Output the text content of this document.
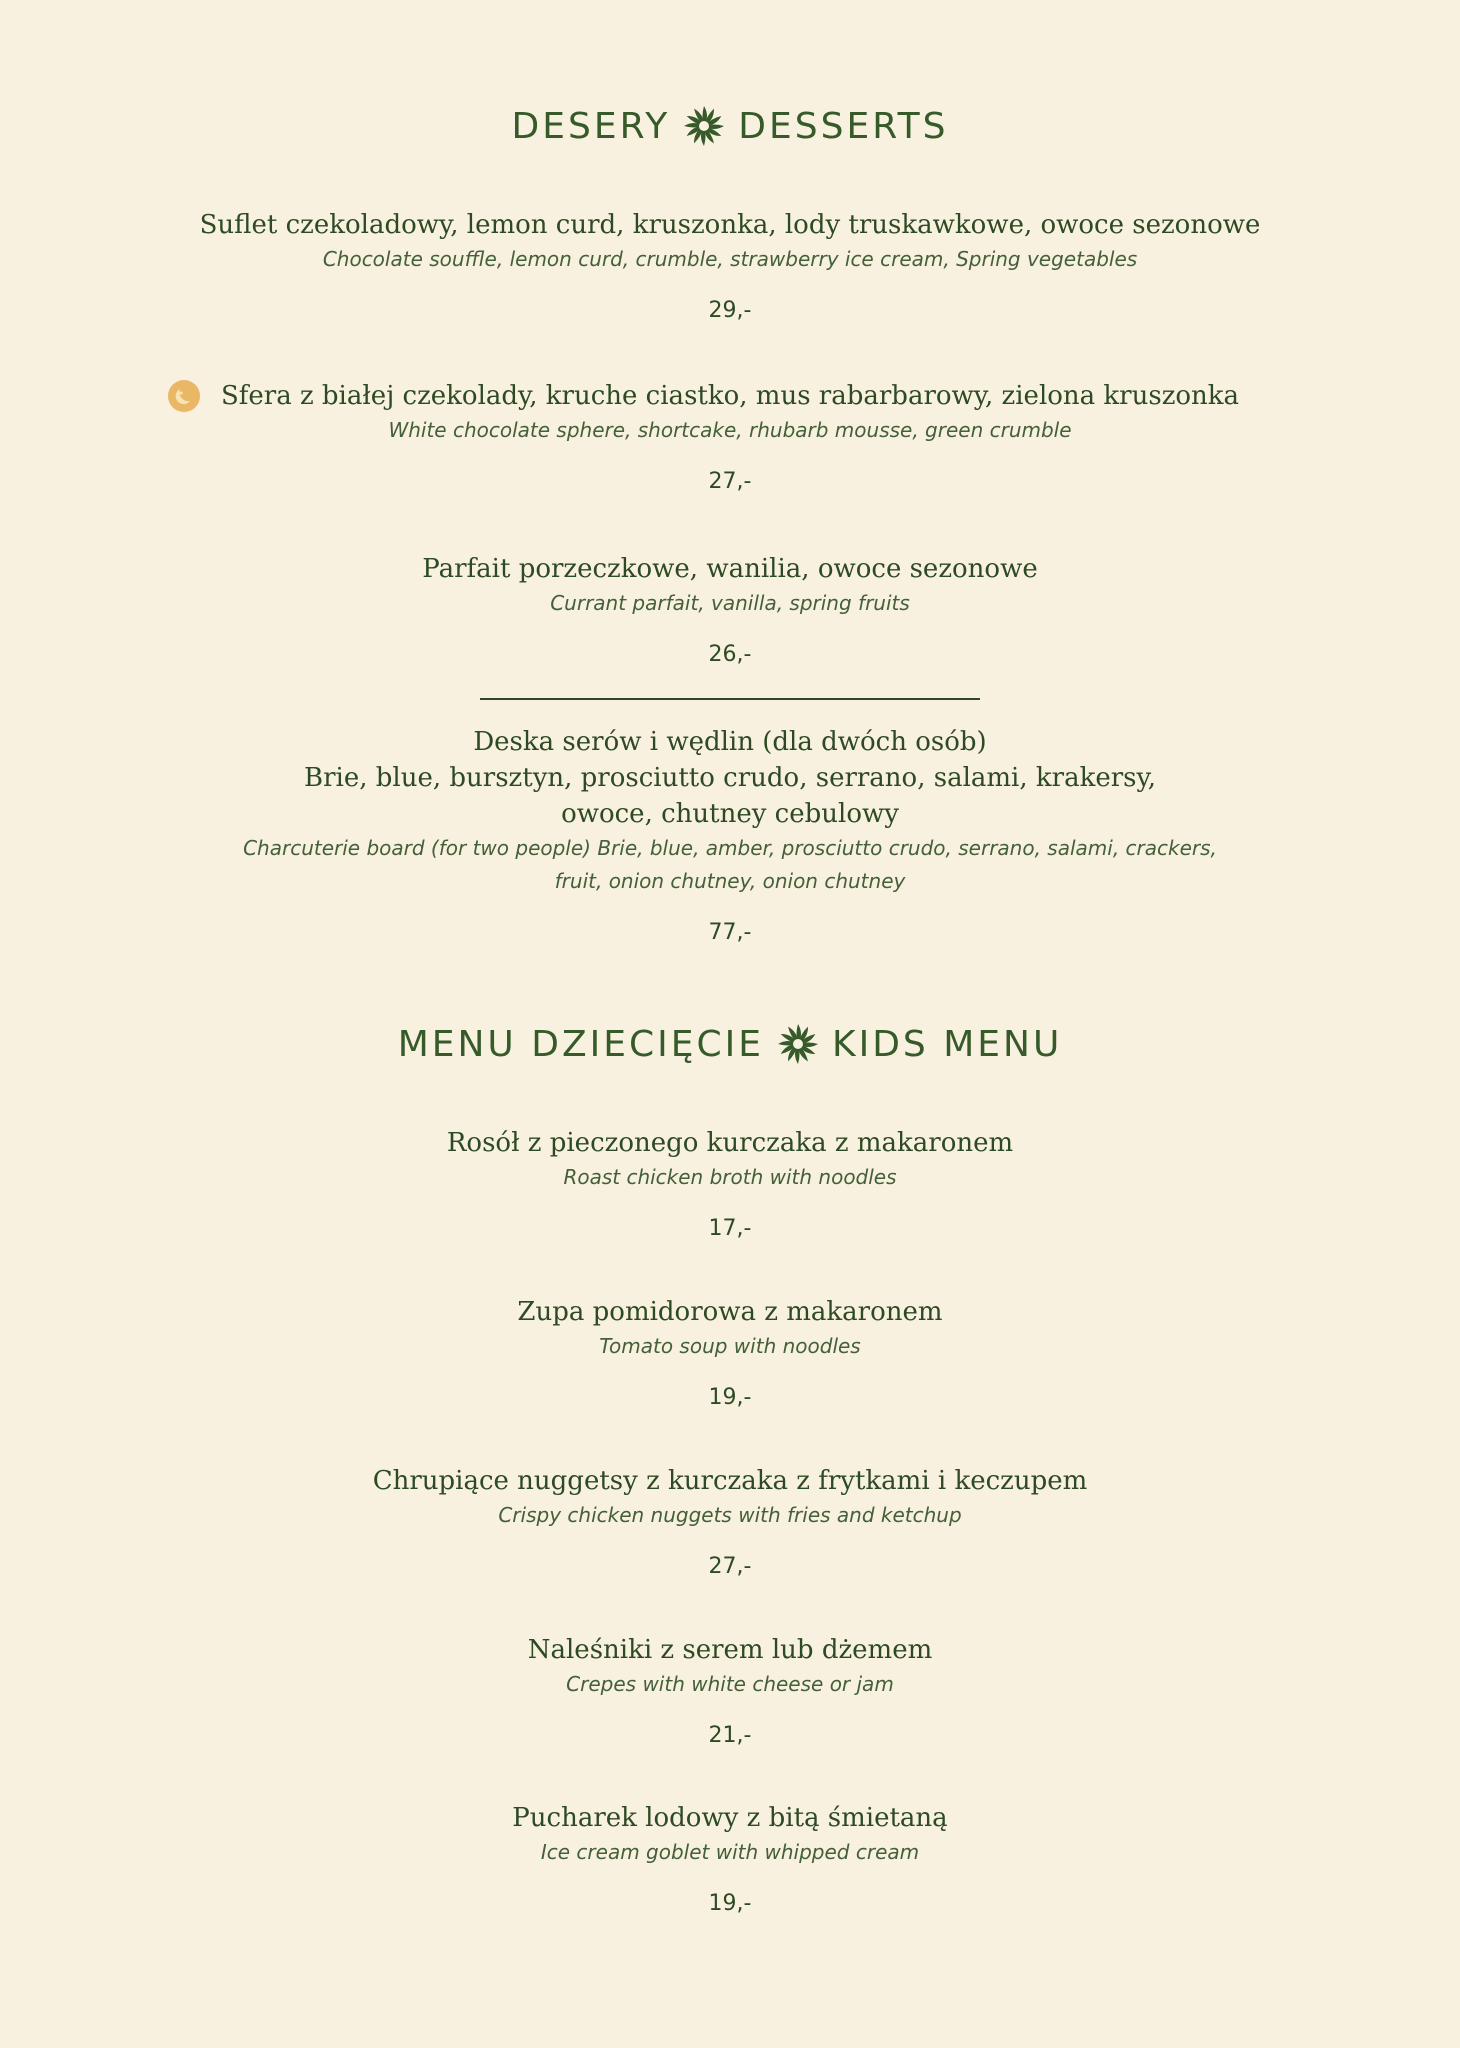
DESERY DESSERTS
Suflet czekoladowy, lemon curd, kruszonka, lody truskawkowe, owoce sezonowe
Chocolate souffle, lemon curd, crumble, strawberry ice cream, Spring vegetables
29,-
Sfera z białej czekolady, kruche ciastko, mus rabarbarowy, zielona kruszonka
White chocolate sphere, shortcake, rhubarb mousse, green crumble
27,-
Parfait porzeczkowe, wanilia, owoce sezonowe
Currant parfait, vanilla, spring fruits
26,-
Deska serów i wędlin (dla dwóch osób)
Brie, blue, bursztyn, prosciutto crudo, serrano, salami, krakersy,
owoce, chutney cebulowy
Charcuterie board (for two people) Brie, blue, amber, prosciutto crudo, serrano, salami, crackers,
fruit, onion chutney, onion chutney
77,-
MENU DZIECIĘCIE KIDS MENU
Rosół z pieczonego kurczaka z makaronem
Roast chicken broth with noodles
17,-
Zupa pomidorowa z makaronem
Tomato soup with noodles
19,-
Chrupiące nuggetsy z kurczaka z frytkami i keczupem
Crispy chicken nuggets with fries and ketchup
27,-
Naleśniki z serem lub dżemem
Crepes with white cheese or jam
21,-
Pucharek lodowy z bitą śmietaną
Ice cream goblet with whipped cream
19,-
